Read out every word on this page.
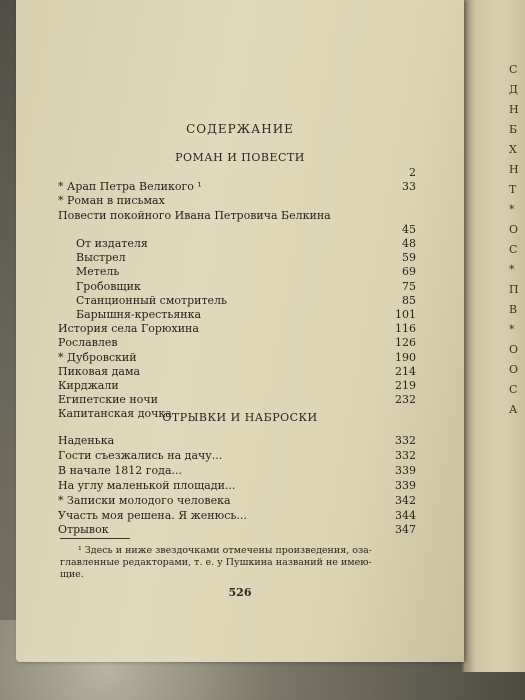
С
Д
Н
Б
Х
Н
Т
*
О
С
*
П
В
*
О
О
С
А
СОДЕРЖАНИЕ
РОМАН И ПОВЕСТИ
2
* Арап Петра Великого ¹	33
* Роман в письмах
Повести покойного Ивана Петровича Белкина
45
От издателя	48
Выстрел	59
Метель	69
Гробовщик	75
Станционный смотритель	85
Барышня-крестьянка	101
История села Горюхина	116
Рославлев	126
* Дубровский	190
Пиковая дама	214
Кирджали	219
Египетские ночи	232
Капитанская дочка
ОТРЫВКИ И НАБРОСКИ
Наденька	332
Гости съезжались на дачу...	332
В начале 1812 года...	339
На углу маленькой площади...	339
* Записки молодого человека	342
Участь моя решена. Я женюсь...	344
Отрывок	347
¹ Здесь и ниже звездочками отмечены произведения, оза-
главленные редакторами, т. е. у Пушкина названий не имею-
щие.
526
